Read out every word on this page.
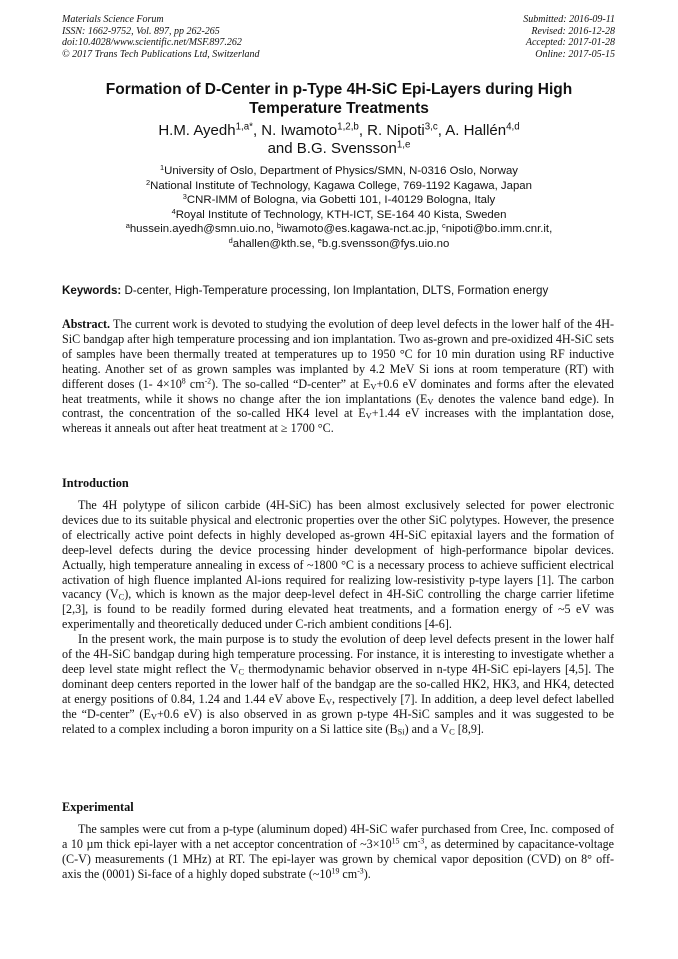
Materials Science Forum
ISSN: 1662-9752, Vol. 897, pp 262-265
doi:10.4028/www.scientific.net/MSF.897.262
© 2017 Trans Tech Publications Ltd, Switzerland
Submitted: 2016-09-11
Revised: 2016-12-28
Accepted: 2017-01-28
Online: 2017-05-15
Formation of D-Center in p-Type 4H-SiC Epi-Layers during High
Temperature Treatments
H.M. Ayedh$^{1,a*}$, N. Iwamoto$^{1,2,b}$, R. Nipoti$^{3,c}$, A. Hallén$^{4,d}$
and B.G. Svensson$^{1,e}$
$^1$University of Oslo, Department of Physics/SMN, N-0316 Oslo, Norway
$^2$National Institute of Technology, Kagawa College, 769-1192 Kagawa, Japan
$^3$CNR-IMM of Bologna, via Gobetti 101, I-40129 Bologna, Italy
$^4$Royal Institute of Technology, KTH-ICT, SE-164 40 Kista, Sweden
$^a$hussein.ayedh@smn.uio.no, $^b$iwamoto@es.kagawa-nct.ac.jp, $^c$nipoti@bo.imm.cnr.it,
$^d$ahallen@kth.se, $^e$b.g.svensson@fys.uio.no
Keywords: D-center, High-Temperature processing, Ion Implantation, DLTS, Formation energy

Abstract. The current work is devoted to studying the evolution of deep level defects in the lower half of the 4H-SiC bandgap after high temperature processing and ion implantation. Two as-grown and pre-oxidized 4H-SiC sets of samples have been thermally treated at temperatures up to 1950 °C for 10 min duration using RF inductive heating. Another set of as grown samples was implanted by 4.2 MeV Si ions at room temperature (RT) with different doses (1- $4\times 10^8$ $cm^{-2}$). The so-called “D-center” at $E_V+0.6$ eV dominates and forms after the elevated heat treatments, while it shows no change after the ion implantations ($E_V$ denotes the valence band edge). In contrast, the concentration of the so-called HK4 level at $E_V+1.44$ eV increases with the implantation dose, whereas it anneals out after heat treatment at ≥ 1700 °C.

Introduction

The 4H polytype of silicon carbide (4H-SiC) has been almost exclusively selected for power electronic devices due to its suitable physical and electronic properties over the other SiC polytypes. However, the presence of electrically active point defects in highly developed as-grown 4H-SiC epitaxial layers and the formation of deep-level defects during the device processing hinder development of high-performance bipolar devices. Actually, high temperature annealing in excess of ~1800 °C is a necessary process to achieve sufficient electrical activation of high fluence implanted Al-ions required for realizing low-resistivity p-type layers [1]. The carbon vacancy $(V_C)$, which is known as the major deep-level defect in 4H-SiC controlling the charge carrier lifetime [2,3], is found to be readily formed during elevated heat treatments, and a formation energy of ~5 eV was experimentally and theoretically deduced under C-rich ambient conditions [4-6].

In the present work, the main purpose is to study the evolution of deep level defects present in the lower half of the 4H-SiC bandgap during high temperature processing. For instance, it is interesting to investigate whether a deep level state might reflect the $V_C$ thermodynamic behavior observed in n-type 4H-SiC epi-layers [4,5]. The dominant deep centers reported in the lower half of the bandgap are the so-called HK2, HK3, and HK4, detected at energy positions of 0.84, 1.24 and 1.44 eV above $E_V$, respectively [7]. In addition, a deep level defect labelled the “D-center” ($E_V+0.6$ eV) is also observed in as grown p-type 4H-SiC samples and it was suggested to be related to a complex including a boron impurity on a Si lattice site $(B_{Si})$ and a $V_C$ [8,9].

Experimental

The samples were cut from a p-type (aluminum doped) 4H-SiC wafer purchased from Cree, Inc. composed of a 10 µm thick epi-layer with a net acceptor concentration of $\sim 3\times 10^{15}$ $cm^{-3}$, as determined by capacitance-voltage (C-V) measurements (1 MHz) at RT. The epi-layer was grown by chemical vapor deposition (CVD) on 8° off-axis the (0001) Si-face of a highly doped substrate ($\sim 10^{19}$ $cm^{-3}$).
